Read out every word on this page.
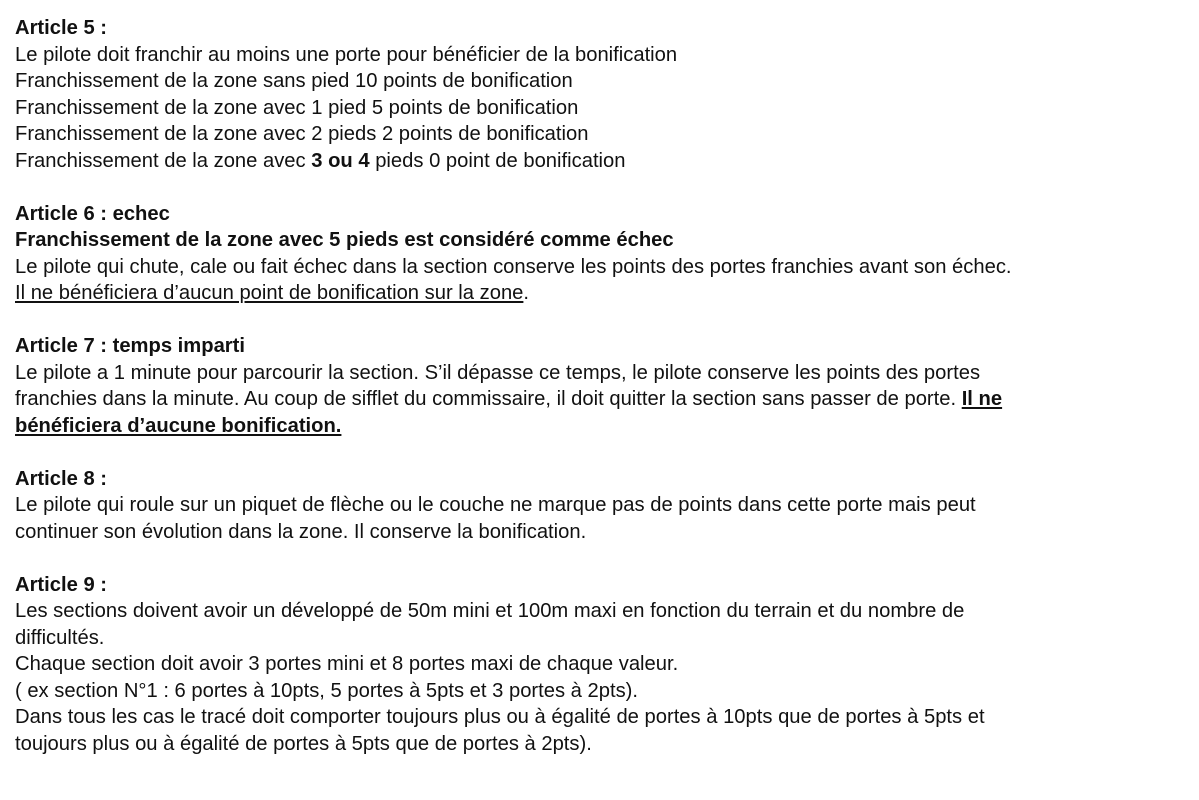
Article 5 :
Le pilote doit franchir au moins une porte pour bénéficier de la bonification
Franchissement de la zone sans pied 10 points de bonification
Franchissement de la zone avec 1 pied 5 points de bonification
Franchissement de la zone avec 2 pieds 2 points de bonification
Franchissement de la zone avec 3 ou 4 pieds 0 point de bonification
Article 6 : echec
Franchissement de la zone avec 5 pieds est considéré comme échec
Le pilote qui chute, cale ou fait échec dans la section conserve les points des portes franchies avant son échec.
Il ne bénéficiera d’aucun point de bonification sur la zone.
Article 7 : temps imparti
Le pilote a 1 minute pour parcourir la section. S’il dépasse ce temps, le pilote conserve les points des portes
franchies dans la minute. Au coup de sifflet du commissaire, il doit quitter la section sans passer de porte. Il ne
bénéficiera d’aucune bonification.
Article 8 :
Le pilote qui roule sur un piquet de flèche ou le couche ne marque pas de points dans cette porte mais peut
continuer son évolution dans la zone. Il conserve la bonification.
Article 9 :
Les sections doivent avoir un développé de 50m mini et 100m maxi en fonction du terrain et du nombre de
difficultés.
Chaque section doit avoir 3 portes mini et 8 portes maxi de chaque valeur.
( ex section N°1 : 6 portes à 10pts, 5 portes à 5pts et 3 portes à 2pts).
Dans tous les cas le tracé doit comporter toujours plus ou à égalité de portes à 10pts que de portes à 5pts et
toujours plus ou à égalité de portes à 5pts que de portes à 2pts).
